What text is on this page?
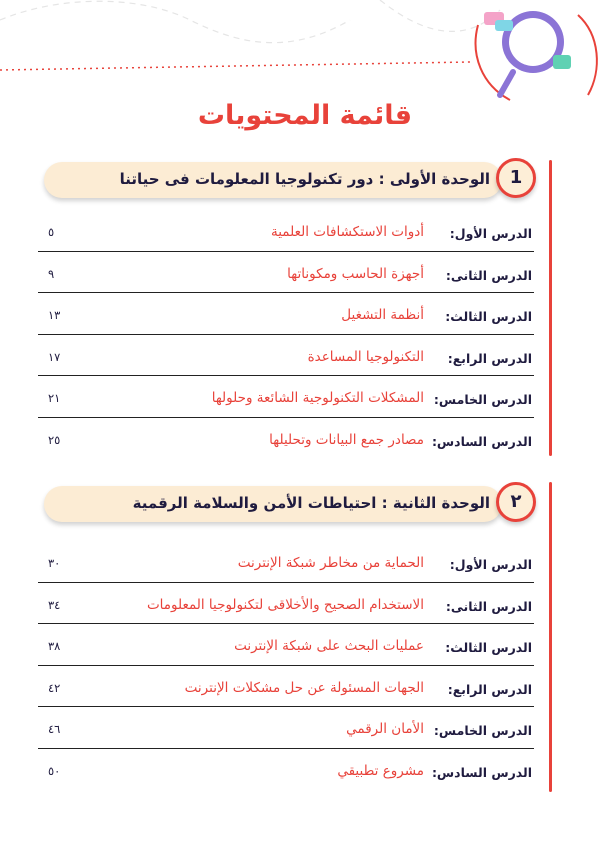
قائمة المحتويات
الوحدة الأولى : دور تكنولوجيا المعلومات فى حياتنا	1
الدرس الأول:
أدوات الاستكشافات العلمية
٥
الدرس الثانى:
أجهزة الحاسب ومكوناتها
٩
الدرس الثالث:
أنظمة التشغيل
١٣
الدرس الرابع:
التكنولوجيا المساعدة
١٧
الدرس الخامس:
المشكلات التكنولوجية الشائعة وحلولها
٢١
الدرس السادس:
مصادر جمع البيانات وتحليلها
٢٥
الوحدة الثانية : احتياطات الأمن والسلامة الرقمية	٢
الدرس الأول:
الحماية من مخاطر شبكة الإنترنت
٣٠
الدرس الثانى:
الاستخدام الصحيح والأخلاقى لتكنولوجيا المعلومات
٣٤
الدرس الثالث:
عمليات البحث على شبكة الإنترنت
٣٨
الدرس الرابع:
الجهات المسئولة عن حل مشكلات الإنترنت
٤٢
الدرس الخامس:
الأمان الرقمي
٤٦
الدرس السادس:
مشروع تطبيقي
٥٠
